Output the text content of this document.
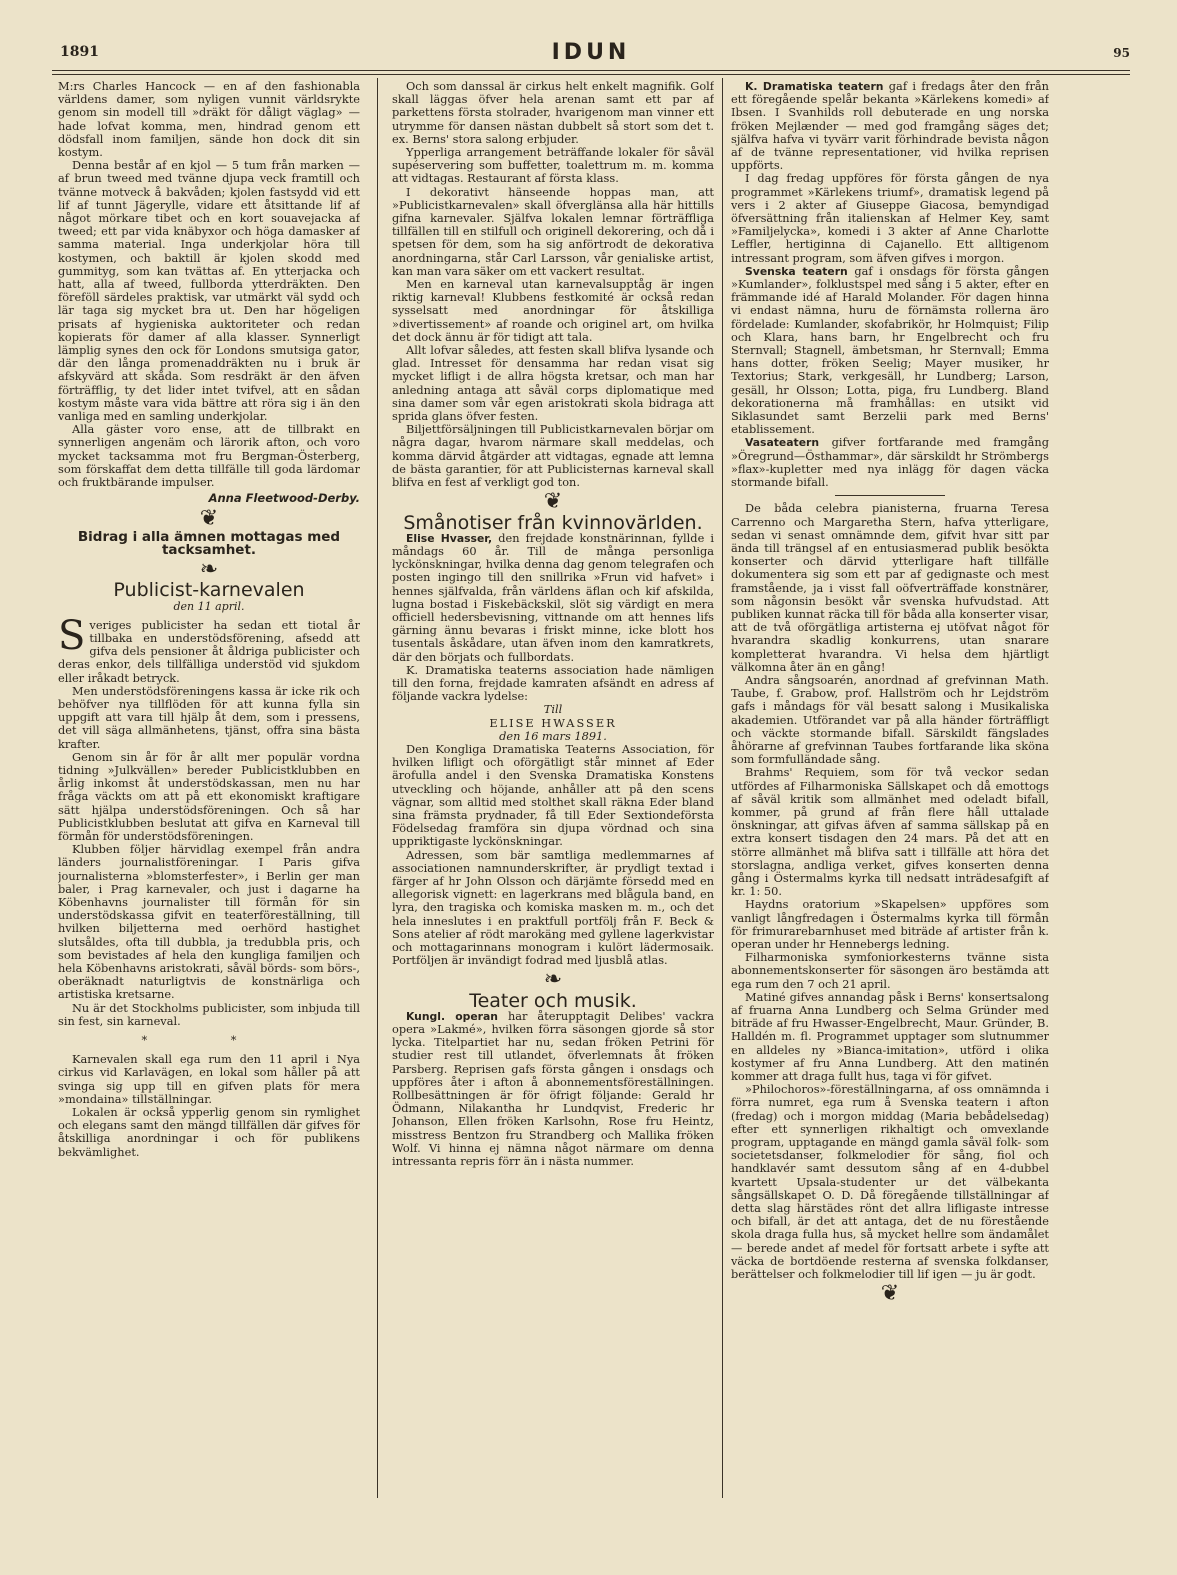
1891	IDUN	95

M:rs Charles Hancock — en af den fashionabla världens damer, som nyligen vunnit världsrykte genom sin modell till »dräkt för dåligt väglag» — hade lofvat komma, men, hindrad genom ett dödsfall inom familjen, sände hon dock dit sin kostym.

Denna består af en kjol — 5 tum från marken — af brun tweed med tvänne djupa veck framtill och tvänne motveck å bakvåden; kjolen fastsydd vid ett lif af tunnt Jägerylle, vidare ett åtsittande lif af något mörkare tibet och en kort souavejacka af tweed; ett par vida knäbyxor och höga damasker af samma material. Inga underkjolar höra till kostymen, och baktill är kjolen skodd med gummityg, som kan tvättas af. En ytterjacka och hatt, alla af tweed, fullborda ytterdräkten. Den föreföll särdeles praktisk, var utmärkt väl sydd och lär taga sig mycket bra ut. Den har högeligen prisats af hygieniska auktoriteter och redan kopierats för damer af alla klasser. Synnerligt lämplig synes den ock för Londons smutsiga gator, där den långa promenaddräkten nu i bruk är afskyvärd att skåda. Som resdräkt är den äfven förträfflig, ty det lider intet tvifvel, att en sådan kostym måste vara vida bättre att röra sig i än den vanliga med en samling underkjolar.

Alla gäster voro ense, att de tillbrakt en synnerligen angenäm och lärorik afton, och voro mycket tacksamma mot fru Bergman-Österberg, som förskaffat dem detta tillfälle till goda lärdomar och fruktbärande impulser.

Anna Fleetwood-Derby.
❦
Bidrag i alla ämnen mottagas med tacksamhet.
❧
Publicist-karnevalen
den 11 april.

Sveriges publicister ha sedan ett tiotal år tillbaka en understödsförening, afsedd att gifva dels pensioner åt åldriga publicister och deras enkor, dels tillfälliga understöd vid sjukdom eller iråkadt betryck.

Men understödsföreningens kassa är icke rik och behöfver nya tillflöden för att kunna fylla sin uppgift att vara till hjälp åt dem, som i pressens, det vill säga allmänhetens, tjänst, offra sina bästa krafter.

Genom sin år för år allt mer populär vordna tidning »Julkvällen» bereder Publicistklubben en årlig inkomst åt understödskassan, men nu har fråga väckts om att på ett ekonomiskt kraftigare sätt hjälpa understödsföreningen. Och så har Publicistklubben beslutat att gifva en Karneval till förmån för understödsföreningen.

Klubben följer härvidlag exempel från andra länders journalistföreningar. I Paris gifva journalisterna »blomsterfester», i Berlin ger man baler, i Prag karnevaler, och just i dagarne ha Köbenhavns journalister till förmån för sin understödskassa gifvit en teaterföreställning, till hvilken biljetterna med oerhörd hastighet slutsåldes, ofta till dubbla, ja tredubbla pris, och som bevistades af hela den kungliga familjen och hela Köbenhavns aristokrati, såväl börds- som börs-, oberäknadt naturligtvis de konstnärliga och artistiska kretsarne.

Nu är det Stockholms publicister, som inbjuda till sin fest, sin karneval.

* *

Karnevalen skall ega rum den 11 april i Nya cirkus vid Karlavägen, en lokal som håller på att svinga sig upp till en gifven plats för mera »mondaina» tillställningar.

Lokalen är också ypperlig genom sin rymlighet och elegans samt den mängd tillfällen där gifves för åtskilliga anordningar i och för publikens bekvämlighet.

Och som danssal är cirkus helt enkelt magnifik. Golf skall läggas öfver hela arenan samt ett par af parkettens första stolrader, hvarigenom man vinner ett utrymme för dansen nästan dubbelt så stort som det t. ex. Berns' stora salong erbjuder.

Ypperliga arrangement beträffande lokaler för såväl supéservering som buffetter, toalettrum m. m. komma att vidtagas. Restaurant af första klass.

I dekorativt hänseende hoppas man, att »Publicistkarnevalen» skall öfverglänsa alla här hittills gifna karnevaler. Själfva lokalen lemnar förträffliga tillfällen till en stilfull och originell dekorering, och då i spetsen för dem, som ha sig anförtrodt de dekorativa anordningarna, står Carl Larsson, vår genialiske artist, kan man vara säker om ett vackert resultat.

Men en karneval utan karnevalsupptåg är ingen riktig karneval! Klubbens festkomité är också redan sysselsatt med anordningar för åtskilliga »divertissement» af roande och originel art, om hvilka det dock ännu är för tidigt att tala.

Allt lofvar således, att festen skall blifva lysande och glad. Intresset för densamma har redan visat sig mycket lifligt i de allra högsta kretsar, och man har anledning antaga att såväl corps diplomatique med sina damer som vår egen aristokrati skola bidraga att sprida glans öfver festen.

Biljettförsäljningen till Publicistkarnevalen börjar om några dagar, hvarom närmare skall meddelas, och komma därvid åtgärder att vidtagas, egnade att lemna de bästa garantier, för att Publicisternas karneval skall blifva en fest af verkligt god ton.

❦
Smånotiser från kvinnovärlden.

Elise Hvasser, den frejdade konstnärinnan, fyllde i måndags 60 år. Till de många personliga lyckönskningar, hvilka denna dag genom telegrafen och posten ingingo till den snillrika »Frun vid hafvet» i hennes själfvalda, från världens äflan och kif afskilda, lugna bostad i Fiskebäckskil, slöt sig värdigt en mera officiell hedersbevisning, vittnande om att hennes lifs gärning ännu bevaras i friskt minne, icke blott hos tusentals åskådare, utan äfven inom den kamratkrets, där den börjats och fullbordats.

K. Dramatiska teaterns association hade nämligen till den forna, frejdade kamraten afsändt en adress af följande vackra lydelse:

Till

ELISE HWASSER

den 16 mars 1891.

Den Kongliga Dramatiska Teaterns Association, för hvilken lifligt och oförgätligt står minnet af Eder ärofulla andel i den Svenska Dramatiska Konstens utveckling och höjande, anhåller att på den scens vägnar, som alltid med stolthet skall räkna Eder bland sina främsta prydnader, få till Eder Sextiondeförsta Födelsedag framföra sin djupa vördnad och sina uppriktigaste lyckönskningar.

Adressen, som bär samtliga medlemmarnes af associationen namnunderskrifter, är prydligt textad i färger af hr John Olsson och därjämte försedd med en allegorisk vignett: en lagerkrans med blågula band, en lyra, den tragiska och komiska masken m. m., och det hela inneslutes i en praktfull portfölj från F. Beck & Sons atelier af rödt marokäng med gyllene lagerkvistar och mottagarinnans monogram i kulört lädermosaik. Portföljen är invändigt fodrad med ljusblå atlas.

❧
Teater och musik.

Kungl. operan har återupptagit Delibes' vackra opera »Lakmé», hvilken förra säsongen gjorde så stor lycka. Titelpartiet har nu, sedan fröken Petrini för studier rest till utlandet, öfverlemnats åt fröken Parsberg. Reprisen gafs första gången i onsdags och uppföres åter i afton å abonnementsföreställningen. Rollbesättningen är för öfrigt följande: Gerald hr Ödmann, Nilakantha hr Lundqvist, Frederic hr Johanson, Ellen fröken Karlsohn, Rose fru Heintz, misstress Bentzon fru Strandberg och Mallika fröken Wolf. Vi hinna ej nämna något närmare om denna intressanta repris förr än i nästa nummer.

K. Dramatiska teatern gaf i fredags åter den från ett föregående spelår bekanta »Kärlekens komedi» af Ibsen. I Svanhilds roll debuterade en ung norska fröken Mejlænder — med god framgång säges det; själfva hafva vi tyvärr varit förhindrade bevista någon af de tvänne representationer, vid hvilka reprisen uppförts.

I dag fredag uppföres för första gången de nya programmet »Kärlekens triumf», dramatisk legend på vers i 2 akter af Giuseppe Giacosa, bemyndigad öfversättning från italienskan af Helmer Key, samt »Familjelycka», komedi i 3 akter af Anne Charlotte Leffler, hertiginna di Cajanello. Ett alltigenom intressant program, som äfven gifves i morgon.

Svenska teatern gaf i onsdags för första gången »Kumlander», folklustspel med sång i 5 akter, efter en främmande idé af Harald Molander. För dagen hinna vi endast nämna, huru de förnämsta rollerna äro fördelade: Kumlander, skofabrikör, hr Holmquist; Filip och Klara, hans barn, hr Engelbrecht och fru Sternvall; Stagnell, ämbetsman, hr Sternvall; Emma hans dotter, fröken Seelig; Mayer musiker, hr Textorius; Stark, verkgesäll, hr Lundberg; Larson, gesäll, hr Olsson; Lotta, piga, fru Lundberg. Bland dekorationerna må framhållas: en utsikt vid Siklasundet samt Berzelii park med Berns' etablissement.

Vasateatern gifver fortfarande med framgång »Öregrund—Östhammar», där särskildt hr Strömbergs »flax»-kupletter med nya inlägg för dagen väcka stormande bifall.

De båda celebra pianisterna, fruarna Teresa Carrenno och Margaretha Stern, hafva ytterligare, sedan vi senast omnämnde dem, gifvit hvar sitt par ända till trängsel af en entusiasmerad publik besökta konserter och därvid ytterligare haft tillfälle dokumentera sig som ett par af gedignaste och mest framstående, ja i visst fall oöfverträffade konstnärer, som någonsin besökt vår svenska hufvudstad. Att publiken kunnat räcka till för båda alla konserter visar, att de två oförgätliga artisterna ej utöfvat något för hvarandra skadlig konkurrens, utan snarare kompletterat hvarandra. Vi helsa dem hjärtligt välkomna åter än en gång!

Andra sångsoarén, anordnad af grefvinnan Math. Taube, f. Grabow, prof. Hallström och hr Lejdström gafs i måndags för väl besatt salong i Musikaliska akademien. Utförandet var på alla händer förträffligt och väckte stormande bifall. Särskildt fängslades åhörarne af grefvinnan Taubes fortfarande lika sköna som formfulländade sång.

Brahms' Requiem, som för två veckor sedan utfördes af Filharmoniska Sällskapet och då emottogs af såväl kritik som allmänhet med odeladt bifall, kommer, på grund af från flere håll uttalade önskningar, att gifvas äfven af samma sällskap på en extra konsert tisdagen den 24 mars. På det att en större allmänhet må blifva satt i tillfälle att höra det storslagna, andliga verket, gifves konserten denna gång i Östermalms kyrka till nedsatt inträdesafgift af kr. 1: 50.

Haydns oratorium »Skapelsen» uppföres som vanligt långfredagen i Östermalms kyrka till förmån för frimurarebarnhuset med biträde af artister från k. operan under hr Hennebergs ledning.

Filharmoniska symfoniorkesterns tvänne sista abonnementskonserter för säsongen äro bestämda att ega rum den 7 och 21 april.

Matiné gifves annandag påsk i Berns' konsertsalong af fruarna Anna Lundberg och Selma Gründer med biträde af fru Hwasser-Engelbrecht, Maur. Gründer, B. Halldén m. fl. Programmet upptager som slutnummer en alldeles ny »Bianca-imitation», utförd i olika kostymer af fru Anna Lundberg. Att den matinén kommer att draga fullt hus, taga vi för gifvet.

»Philochoros»-föreställningarna, af oss omnämnda i förra numret, ega rum å Svenska teatern i afton (fredag) och i morgon middag (Maria bebådelsedag) efter ett synnerligen rikhaltigt och omvexlande program, upptagande en mängd gamla såväl folk- som societetsdanser, folkmelodier för sång, fiol och handklavér samt dessutom sång af en 4-dubbel kvartett Upsala-studenter ur det välbekanta sångsällskapet O. D. Då föregående tillställningar af detta slag härstädes rönt det allra lifligaste intresse och bifall, är det att antaga, det de nu förestående skola draga fulla hus, så mycket hellre som ändamålet — berede andet af medel för fortsatt arbete i syfte att väcka de bortdöende resterna af svenska folkdanser, berättelser och folkmelodier till lif igen — ju är godt.

❦
